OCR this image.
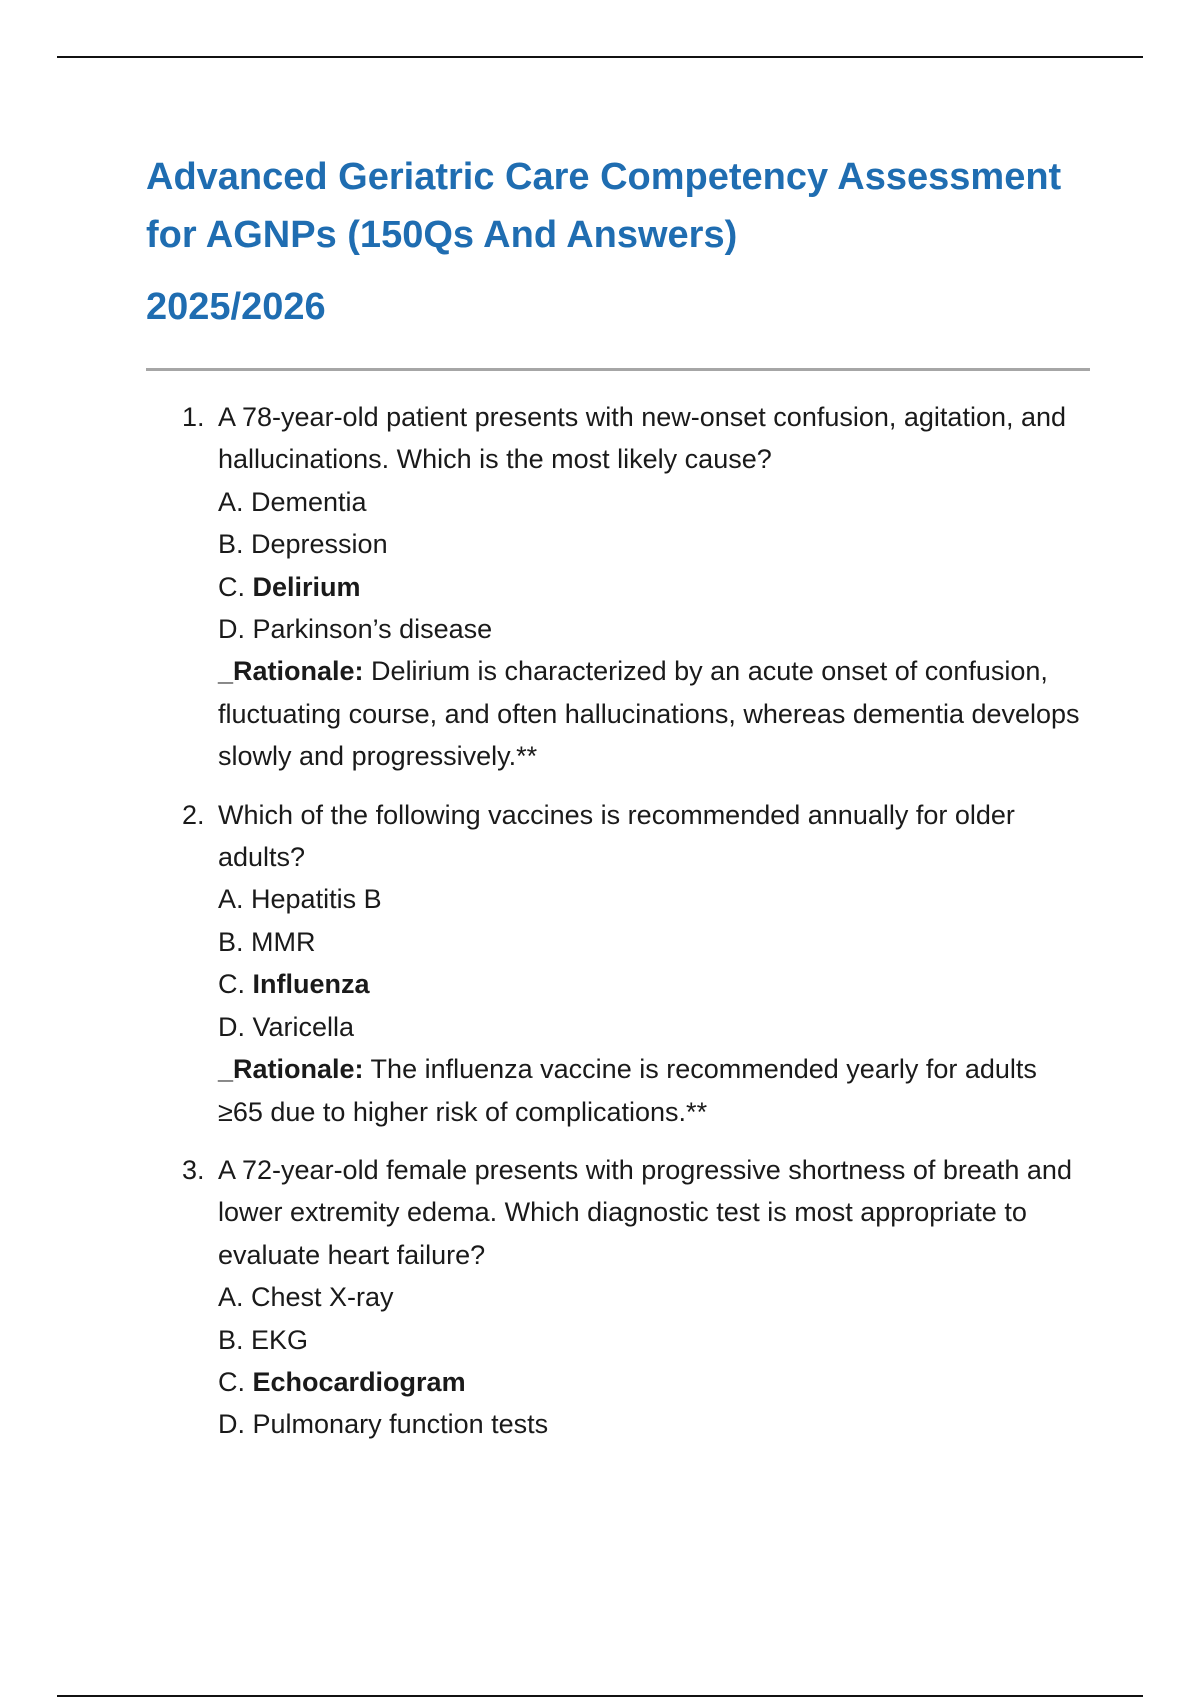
Advanced Geriatric Care Competency Assessment
for AGNPs (150Qs And Answers)
2025/2026
1. A 78-year-old patient presents with new-onset confusion, agitation, and hallucinations. Which is the most likely cause?
A. Dementia
B. Depression
C. Delirium
D. Parkinson’s disease
_Rationale: Delirium is characterized by an acute onset of confusion, fluctuating course, and often hallucinations, whereas dementia develops slowly and progressively.**
2. Which of the following vaccines is recommended annually for older adults?
A. Hepatitis B
B. MMR
C. Influenza
D. Varicella
_Rationale: The influenza vaccine is recommended yearly for adults ≥65 due to higher risk of complications.**
3. A 72-year-old female presents with progressive shortness of breath and lower extremity edema. Which diagnostic test is most appropriate to evaluate heart failure?
A. Chest X-ray
B. EKG
C. Echocardiogram
D. Pulmonary function tests
